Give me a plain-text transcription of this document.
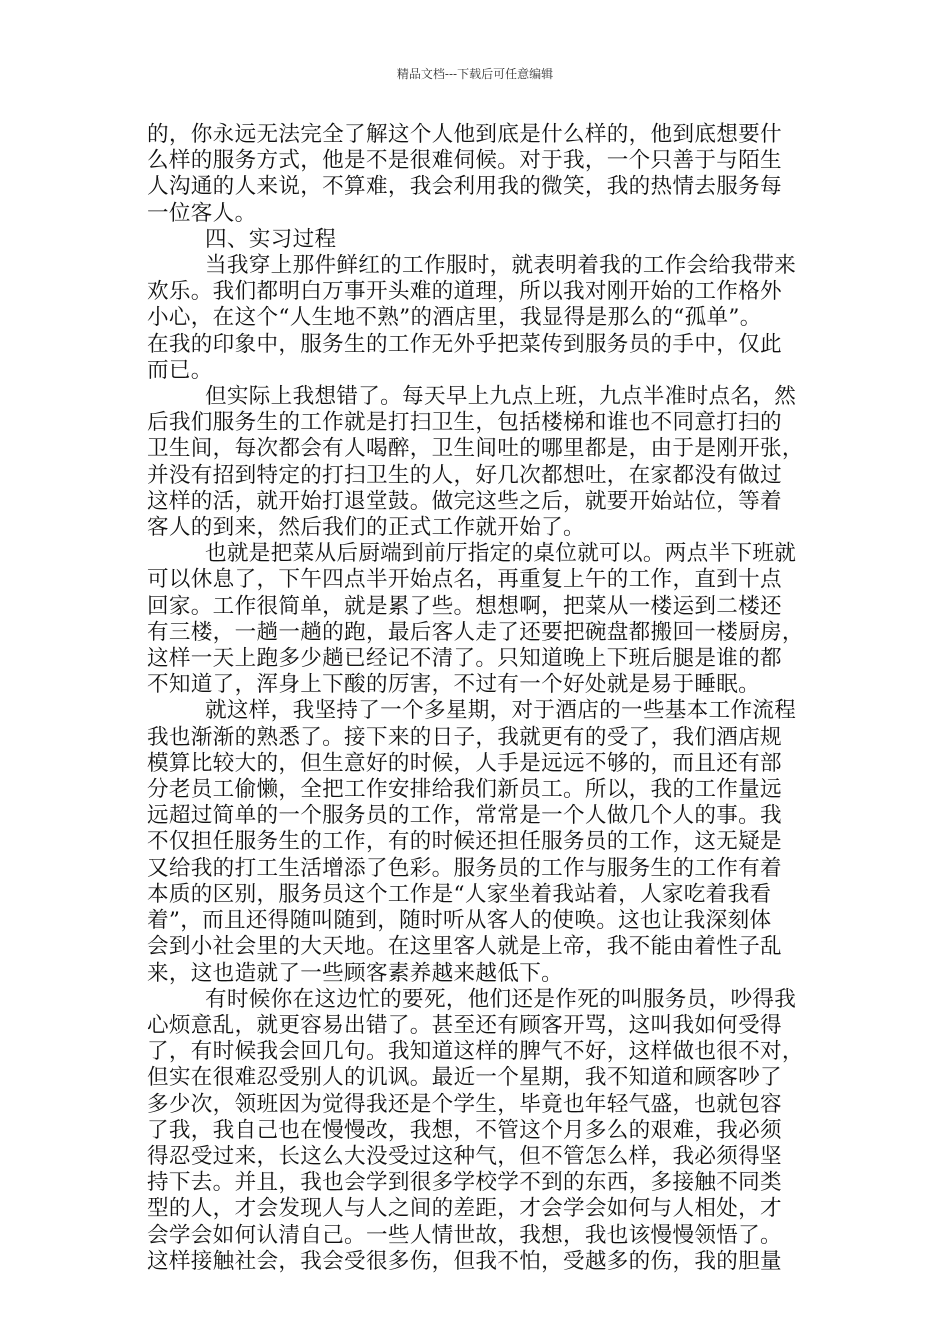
精品文档---下载后可任意编辑
的，你永远无法完全了解这个人他到底是什么样的，他到底想要什
么样的服务方式，他是不是很难伺候。对于我，一个只善于与陌生
人沟通的人来说，不算难，我会利用我的微笑，我的热情去服务每
一位客人。
四、实习过程
当我穿上那件鲜红的工作服时，就表明着我的工作会给我带来
欢乐。我们都明白万事开头难的道理，所以我对刚开始的工作格外
小心，在这个“人生地不熟”的酒店里，我显得是那么的“孤单”。
在我的印象中，服务生的工作无外乎把菜传到服务员的手中，仅此
而已。
但实际上我想错了。每天早上九点上班，九点半准时点名，然
后我们服务生的工作就是打扫卫生，包括楼梯和谁也不同意打扫的
卫生间，每次都会有人喝醉，卫生间吐的哪里都是，由于是刚开张，
并没有招到特定的打扫卫生的人，好几次都想吐，在家都没有做过
这样的活，就开始打退堂鼓。做完这些之后，就要开始站位，等着
客人的到来，然后我们的正式工作就开始了。
也就是把菜从后厨端到前厅指定的桌位就可以。两点半下班就
可以休息了，下午四点半开始点名，再重复上午的工作，直到十点
回家。工作很简单，就是累了些。想想啊，把菜从一楼运到二楼还
有三楼，一趟一趟的跑，最后客人走了还要把碗盘都搬回一楼厨房，
这样一天上跑多少趟已经记不清了。只知道晚上下班后腿是谁的都
不知道了，浑身上下酸的厉害，不过有一个好处就是易于睡眠。
就这样，我坚持了一个多星期，对于酒店的一些基本工作流程
我也渐渐的熟悉了。接下来的日子，我就更有的受了，我们酒店规
模算比较大的，但生意好的时候，人手是远远不够的，而且还有部
分老员工偷懒，全把工作安排给我们新员工。所以，我的工作量远
远超过简单的一个服务员的工作，常常是一个人做几个人的事。我
不仅担任服务生的工作，有的时候还担任服务员的工作，这无疑是
又给我的打工生活增添了色彩。服务员的工作与服务生的工作有着
本质的区别，服务员这个工作是“人家坐着我站着，人家吃着我看
着”，而且还得随叫随到，随时听从客人的使唤。这也让我深刻体
会到小社会里的大天地。在这里客人就是上帝，我不能由着性子乱
来，这也造就了一些顾客素养越来越低下。
有时候你在这边忙的要死，他们还是作死的叫服务员，吵得我
心烦意乱，就更容易出错了。甚至还有顾客开骂，这叫我如何受得
了，有时候我会回几句。我知道这样的脾气不好，这样做也很不对，
但实在很难忍受别人的讥讽。最近一个星期，我不知道和顾客吵了
多少次，领班因为觉得我还是个学生，毕竟也年轻气盛，也就包容
了我，我自己也在慢慢改，我想，不管这个月多么的艰难，我必须
得忍受过来，长这么大没受过这种气，但不管怎么样，我必须得坚
持下去。并且，我也会学到很多学校学不到的东西，多接触不同类
型的人，才会发现人与人之间的差距，才会学会如何与人相处，才
会学会如何认清自己。一些人情世故，我想，我也该慢慢领悟了。
这样接触社会，我会受很多伤，但我不怕，受越多的伤，我的胆量
